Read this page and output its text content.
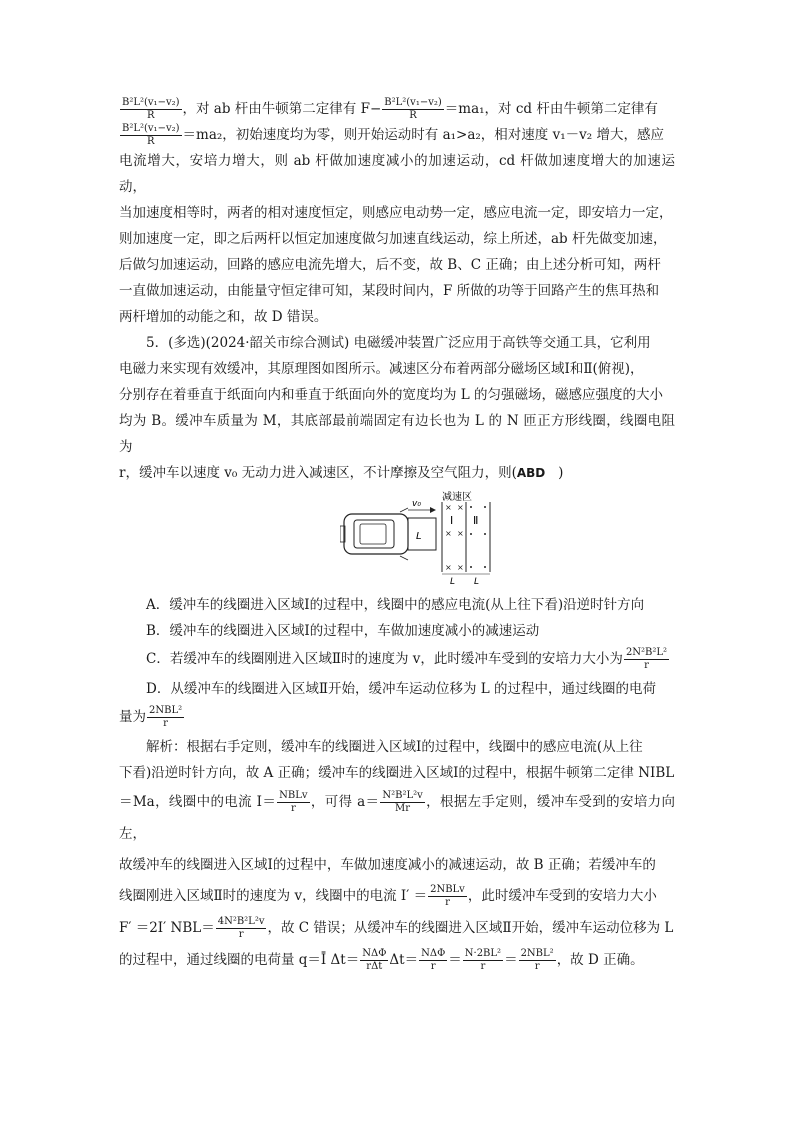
$\frac{\text{B²L²(v₁−v₂)}}{R}$ ，对 ab 杆由牛顿第二定律有 $F- \frac{\text{B²L²(v₁−v₂)}}{R} =ma_1$，对 cd 杆由牛顿第二定律有

$\frac{\text{B²L²(v₁−v₂)}}{R} =ma_2$，初始速度均为零，则开始运动时有 a₁>a₂，相对速度 v₁－v₂ 增大，感应

电流增大，安培力增大，则 ab 杆做加速度减小的加速运动，cd 杆做加速度增大的加速运动，

当加速度相等时，两者的相对速度恒定，则感应电动势一定，感应电流一定，即安培力一定，

则加速度一定，即之后两杆以恒定加速度做匀加速直线运动，综上所述，ab 杆先做变加速，

后做匀加速运动，回路的感应电流先增大，后不变，故 B、C 正确；由上述分析可知，两杆

一直做加速运动，由能量守恒定律可知，某段时间内，F 所做的功等于回路产生的焦耳热和

两杆增加的动能之和，故 D 错误。

5．(多选)(2024·韶关市综合测试) 电磁缓冲装置广泛应用于高铁等交通工具，它利用

电磁力来实现有效缓冲，其原理图如图所示。减速区分布着两部分磁场区域Ⅰ和Ⅱ(俯视)，

分别存在着垂直于纸面向内和垂直于纸面向外的宽度均为 L 的匀强磁场，磁感应强度的大小

均为 B。缓冲车质量为 M，其底部最前端固定有边长也为 L 的 N 匝正方形线圈，线圈电阻为

r，缓冲车以速度 v₀ 无动力进入减速区，不计摩擦及空气阻力，则(ABD )

L
v₀
减速区
× ×
× ×
× ×
Ⅰ Ⅱ
L L

A．缓冲车的线圈进入区域Ⅰ的过程中，线圈中的感应电流(从上往下看)沿逆时针方向

B．缓冲车的线圈进入区域Ⅰ的过程中，车做加速度减小的减速运动

C．若缓冲车的线圈刚进入区域Ⅱ时的速度为 v，此时缓冲车受到的安培力大小为 $\frac{\text{2N²B²L²}}{r}$

D．从缓冲车的线圈进入区域Ⅱ开始，缓冲车运动位移为 L 的过程中，通过线圈的电荷

量为 $\frac{\text{2NBL²}}{r}$

解析：根据右手定则，缓冲车的线圈进入区域Ⅰ的过程中，线圈中的感应电流(从上往

下看)沿逆时针方向，故 A 正确；缓冲车的线圈进入区域Ⅰ的过程中，根据牛顿第二定律 NIBL

＝Ma，线圈中的电流 $I= \frac{\text{NBLv}}{r}$ ，可得 $a= \frac{\text{N²B²L²v}}{Mr}$ ，根据左手定则，缓冲车受到的安培力向左，

故缓冲车的线圈进入区域Ⅰ的过程中，车做加速度减小的减速运动，故 B 正确；若缓冲车的

线圈刚进入区域Ⅱ时的速度为 v，线圈中的电流 $I' = \frac{\text{2NBLv}}{r}$ ，此时缓冲车受到的安培力大小

F′ ＝2I′ $NBL= \frac{\text{4N²B²L²v}}{r}$ ，故 C 错误；从缓冲车的线圈进入区域Ⅱ开始，缓冲车运动位移为 L

的过程中，通过线圈的电荷量 q＝Ī $\Delta t= \frac{\text{NΔΦ}}{\text{rΔt}} \Delta t= \frac{\text{NΔΦ}}{r} = \frac{\text{N·2BL²}}{r} = \frac{\text{2NBL²}}{r}$ ，故 D 正确。
